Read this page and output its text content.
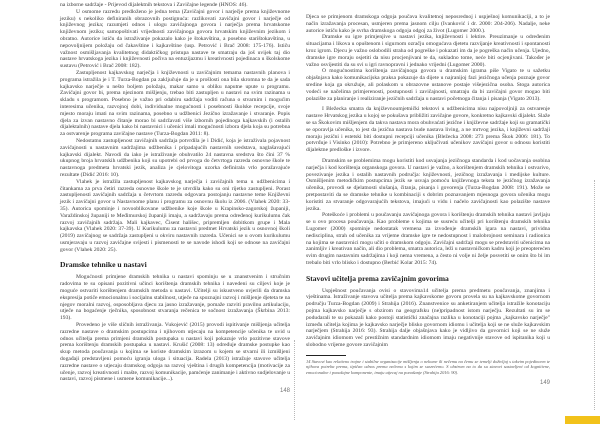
na izborne sadržaje - Prijevod dijalektnih tekstova i Zavičajne legende (HNOS: 46).

U osmome razredu predloženo je jedna tema (Zavičajni govor i narječje prema književnome jeziku) s nekoliko definiranih obrazovnih postignuća: razlikovati zavičajni govor i narječje od književnog jezika; razumjeti odnos i ulogu zavičajnoga govora i narječja prema hrvatskome književnom jeziku; samopoštivati vrijednosti zavičajnoga govora hrvatskim književnim jezikom i obratno. Autorice ističu da istraživanje pokazalo kako je štokavština, a posebno starištokavština, u nepovoljnijem položaju od čakavštine i kajkavštine (usp. Petrović i Brač 2008: 175-176). Ističu važnost osmišljavanja kvalitetnog didaktičkog pristupa nastave te smatraju da još uvijek taj dio nastave hrvatskoga jezika i književnosti počiva na entuzijazmu i kreativnosti pojedinaca u školskome sustavu (Petrović i Brač 2008: 182).

Zastupljenost kajkavskog narječja i književnosti u zavičajnim temama nastavnih planova i programa istražila je i T. Turza-Bogdan pa zaključuje da je u prošlosti ona bila skromna te da je sada kajkavsko narječje u nešto boljem položaju, makar samo u obliku naputne upute u programu. Zavičajni govor bi, prema njezinom mišljenju, trebao biti zastupljen u nastavi na svim razinama u skladu s programom. Posebno je važno pri odabiru sadržaja voditi računa o stvarnim i mogućim interesima učenika, razvojnoj dobi, individualne mogućnosti i posebnosti školske recepcije, svoje mjesto moraju imati na svim razinama, posebno u udžbenici Jezično izražavanje i stvaranje. Popis djela za izvan nastavno čitanje morao bi sadržavati više izbornih pojedinoga kajkavskih (i ostalih dijalektalnih) nastave djela kako bi nastavnici i učenici imali mogućnosti izbora djela koja su potrebna za ostvarenje programa zavičajne nastave (Turza-Bogdan 2011: 8).

Nedostatnu zastupljenost zavičajnih sadržaja potvrdila je i Didić, koja je istraživala pojavnost zavičajnosti u nastavnim sadržajima udžbenika i pripadajućih nastavnih sredstava, naglašavajući kajkavski dijalekt. Navodi da iako je istraživanje obuhvatilo 24 nastavna sredstva što čini 37 % ukupnog broja hrvatskih udžbenika koji su upotrebi od prvoga do četvrtoga razreda osnovne škole te nastavnoga predmeta hrvatski jezik, analiza je cjelovitoga uzorka definirala vrlo poražavajuće rezultate (Didić 2016: 10).

Vlahek je istražila zastupljenost kajkavskog narječja i zavičajnih tema u udžbenicima i čitankama za prva četiri razreda osnovne škole te je utvrdila kako su oni rijetko zastupljeni. Porast zastupljenosti zavičajnih sadržaja u četvrtom razredu odgovara postojanju nastavne teme Književni jezik i zavičajni govor u Nastavnome planu i programu za osnovnu školu iz 2006. (Vlahek 2020: 33-35). Autorica spominje i novooblikovane udžbenike koje škole u Krapinsko-zagorskoj županiji, Varaždinskoj županiji te Međimurskoj županiji imaju, a sadržavaju prema određenoj kurikulumu čak razvoj zavičajnih sadržaja. Mali kajkavec, Čisent hališec, pripremljen dobitkom grupe i Mala kajkavska (Vlahek 2020: 37-39). U Kurikulumu za nastavni predmet Hrvatski jezik u osnovnoj školi (2019) zavičajnog se sadržaja zastupljeni u okviru nastavnih razreda. Učenici se u ovom kurikulumu usmjeravaju u razvoj zavičajne svijesti i pismenosti te se navode ishodi koji se odnose na zavičajni govor (Vlahek 2020: 25).

Dramske tehnike u nastavi

Mogućnosti primjene dramskih tehnika u nastavi spominju se u znanstvenim i stručnim radovima te su opisani pozitivni učinci korištenja dramskih tehnika i navedeni su ciljevi koje je moguće ostvariti korištenjem dramskih metoda u nastavi. Učitelji su iskustveno uvjerili da dramska ekspresija potiče emocionalnu i socijalnu stabilnost, utječe na spoznajni razvoj i mišljenje djeteta te na njegov moralni razvoj, osposobljava djecu za jasno izražavanje, pomaže razviti pravilnu artikulaciju, utječe na bogaćenje rječnika, sposobnost stvaranja rečenica te sočnost izražavanja (Škrbina 2013: 193).

Provedeno je više sličnih istraživanja. Vukojević (2015) provodi ispitivanje mišljenja učitelja razredne nastave o dramskim postupcima i njihovom utjecaju na kompetencije učenika te uvid u odnos učitelja prema primjeni dramskih postupaka u nastavi koji pokazuje vrlo pozitivne stavove prema korištenju dramskih postupaka u nastavi. Krušić (2008: 13) određuje dramske postupke kao skup metoda poučavanja u kojima se koriste dramskim izrazom u kojem se stvarni ili izmišljeni događaji predstavljeni pomoću igranja uloga i situacija. Radela (2013) istražuje stavove učitelja razredne nastave o utjecaju dramskog odgoja na razvoj vještina i drugih kompetencija (motivacije za učenje, razvoj kreativnosti i mašte, razvoj komunikacije, pamćenje zanimanje i aktivno sudjelovanje u nastavi, razvoj pismene i usmene komunikacije...).

148

Djeca se primjenom dramskoga odgoja poučava kvalitetnoj neposrednoj i uspješnoj komunikaciji, a to je način izražavanja procesan, usmjeren prema jasnom cilju (Ivanković i dr. 2000: 204-206). Nadalje, neke autorice ističu kako je svrha dramskoga odgoja odgoj za život (Lugomer 2000.).

Dramske su igre primjenjive u nastavi jezika, književnosti i lektire. Preuzimanje u određenim situacijama i likova u opuštenom i sigurnom ozračju omogućava djetetu razvijanje kreativnosti i spontanosti kroz igrom. Djecu je važno oslobodili straha od pogreške i pokazati im da je pogreška način učenja. Ujedno, dramske igre moraju osjetiti da nisu procjenjivani te da, sukladno tome, neće biti ocjenjivani. Također je važno osvijestiti da su svi u igri ravnopravni i jednako vrijedni (Lugomer 2000).

O mogućnostima korištenja zavičajnoga govora u dramskim igrama piše Vigato te u sažetku objašnjava kako komunikacijska praksa pokazuje da dijete u najranijoj fazi jezičnoga učenja poznaje govor sredine koja ga okružuje, ali polaskom u obrazovne ustanove postaje višejezična osoba. Stoga autorica vodeći se načelima primjerenosti, postupnosti i zavičajnosti, smatraju da bi zavičajni govor mogao biti polazište za planiranje i realiziranje jezičnih sadržaja u nastavi početnoga čitanja i pisanja (Vigato 2013).

I Bležecka smatra da književnoumjetnički tekstovi u udžbenicima nisu najpovoljniji za ostvarenje nastave Hrvatskog jezika u kojoj se pokušava približiti zavičajne govore, konkretno kajkavski dijalekt. Slaže se sa Škokovim mišljenjem da takva nastava mora obuhvaćati jezične i književne sadržaje koji su gramatički se oporavlja učenika, to jest da jezična nastava bude nastava living, a ne mrtvog jezika, i književni sadržaji moraju jezični i estetski biti dostupni recepciji učenika (Bležecka 2008: 273 prema Škok 2006: 181). To potvrđuje i Visinko (2010): Potrebno je primjereno uključivati učenikov zavičajni govor u odnosu koristiti dijalektne predloške i izvore.

Dramskim se problemima mogu koristiti kod usvajanja jezičnoga standarda i kod uočavanja osobina narječja i kod korištenja organskoga govora. U nastavi je važno, a korištenjem dramskih tehnika i ostvarivo, povezivanje jezika i ostalih nastavnih područja: književnosti, jezičnog izražavanja i medijske kulture. Osmišljenim metodičkim postupcima jezik se usvaja pomoću književnoga teksta te jezičnog izražavanja učenika, provodi se djelatnosti slušanja, čitanja, pisanja i govorenja (Turza-Bogdan 2008: 191). Može se pretpostaviti da se dramske tehnike u kombinaciji s dobrim poznavanjem mjesnoga govora učenika mogu koristiti za stvaranje odgovarajućih tekstova, imajući u vidu i načelo zavičajnosti kao polazište nastave jezika.

Poteškoće i problemi u poučavanju zavičajnoga govora i korištenju dramskih tehnika nastavi javljaju se u ovo procesa poučavanja. Kao probleme s kojima se susreću učitelji pri korištenju dramskih tehnika Lugomer (2000) spominje nedostatak vremena za izvođenje dramskih igara na nastavi, prividna nedisciplina, strah od učenika za vrijeme dramske igre te nedostupnost i malobrojnost seminara i radionica na kojima se nastavnici mogu učiti o dramskom odgoju. Zavičajni sadržaji mogu se predstaviti učenicima na zanimljiv i kreativan način, ali dio problema, smatra autorica, leži u nastavničkom kadru koji je preopterećen svim drugim nastavnim sadržajima i koji nema vremena, a često ni volje ni želje posvetiti se onim što bi im trebalo biti vrlo blisko i dostupno (Berbić Kolar 2015: 74).

Stavovi učitelja prema zavičajnim govorima

Uspješnost poučavanja ovisi o stavovima14 učitelja prema predmetu poučavanja, znanjima i vještinama. Istraživanje stavova učitelja prema kajkavskome govoru provela su na kajkavskome govornom području Turza-Bogdan (2009) i Strahija (2016). Znanstvenice su anketiranjem učitelja istražile konotaciju pojma kajkavsko narječje s obzirom na geografsku (ne)pripadnost istom narječju. Rezultati su im se podudarali te su pokazali kako postoji statistički značajna razlika u konotaciji pojma „kajkavsko narječje" između učitelja kojima je kajkavsko narječje blisko govornom idiomu i učitelja koji se ne služe kajkavskim narječjem (Strahija 2016: 93). Strahija dalje objašnjava kako je vidljivo da govornici koji se ne služe zavičajnim idiomom već prestižnim standardnim idiomom imaju negativnije stavove od ispitanika koji u slobodno vrijeme govore zavičajnim

14 Stavovi kao relativno trajne i stabilne organizacije mišljenja o nekome ili nečemu na čemu se temelji doživljaj s takvim pojedincem te njihova potreba prema, tipičan odnos prema nečemu s kojim se susrećemo. S obzirom na to da su stavovi sastavljeni od kognitivne, emocionalne i ponašajne komponente, imaju utjecaj na ponašanje (Strahija 2016: 90).
149
